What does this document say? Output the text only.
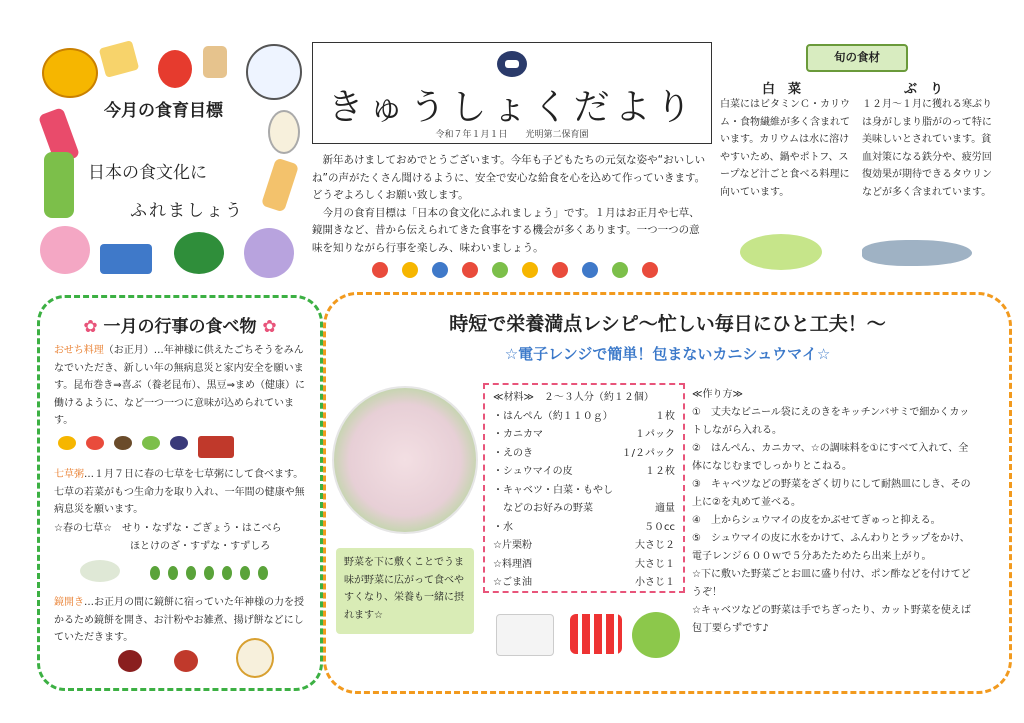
今月の食育目標
日本の食文化に
ふれましょう
きゅうしょくだより
令和７年１月１日　　光明第二保育園
　新年あけましておめでとうございます。今年も子どもたちの元気な姿や“おいしいね”の声がたくさん聞けるように、安全で安心な給食を心を込めて作っていきます。どうぞよろしくお願い致します。
　今月の食育目標は「日本の食文化にふれましょう」です。１月はお正月や七草、鏡開きなど、昔から伝えられてきた食事をする機会が多くあります。一つ一つの意味を知りながら行事を楽しみ、味わいましょう。
旬の食材
白　菜
白菜にはビタミンＣ・カリウム・食物繊維が多く含まれています。カリウムは水に溶けやすいため、鍋やポトフ、スープなど汁ごと食べる料理に向いています。
ぶ　り
１２月～１月に獲れる寒ぶりは身がしまり脂がのって特に美味しいとされています。貧血対策になる鉄分や、疲労回復効果が期待できるタウリンなどが多く含まれています。
✿ 一月の行事の食べ物 ✿
おせち料理（お正月）…年神様に供えたごちそうをみんなでいただき、新しい年の無病息災と家内安全を願います。昆布巻き⇒喜ぶ（養老昆布）、黒豆⇒まめ（健康）に働けるように、など一つ一つに意味が込められています。
七草粥…１月７日に春の七草を七草粥にして食べます。七草の若菜がもつ生命力を取り入れ、一年間の健康や無病息災を願います。
☆春の七草☆　 せり・なずな・ごぎょう・はこべら
ほとけのざ・すずな・すずしろ
鏡開き…お正月の間に鏡餅に宿っていた年神様の力を授かるため鏡餅を開き、お汁粉やお雑煮、揚げ餅などにしていただきます。
時短で栄養満点レシピ～忙しい毎日にひと工夫！～
☆電子レンジで簡単！包まないカニシュウマイ☆
野菜を下に敷くことでうま味が野菜に広がって食べやすくなり、栄養も一緒に摂れます☆
≪材料≫　２～３人分（約１２個）
・はんぺん（約１１０ｇ）	１枚
・カニカマ	１パック
・えのき	１/２パック
・シュウマイの皮	１２枚
・キャベツ・白菜・もやし
　などのお好みの野菜	適量
・水	５０cc
☆片栗粉	大さじ２
☆料理酒	大さじ１
☆ごま油	小さじ１
≪作り方≫
①　丈夫なビニール袋にえのきをキッチンバサミで細かくカットしながら入れる。
②　はんぺん、カニカマ、☆の調味料を①にすべて入れて、全体になじむまでしっかりとこねる。
③　キャベツなどの野菜をざく切りにして耐熱皿にしき、その上に②を丸めて並べる。
④　上からシュウマイの皮をかぶせてぎゅっと抑える。
⑤　シュウマイの皮に水をかけて、ふんわりとラップをかけ、電子レンジ６００ｗで５分あたためたら出来上がり。
☆下に敷いた野菜ごとお皿に盛り付け、ポン酢などを付けてどうぞ！
☆キャベツなどの野菜は手でちぎったり、カット野菜を使えば包丁要らずです♪
